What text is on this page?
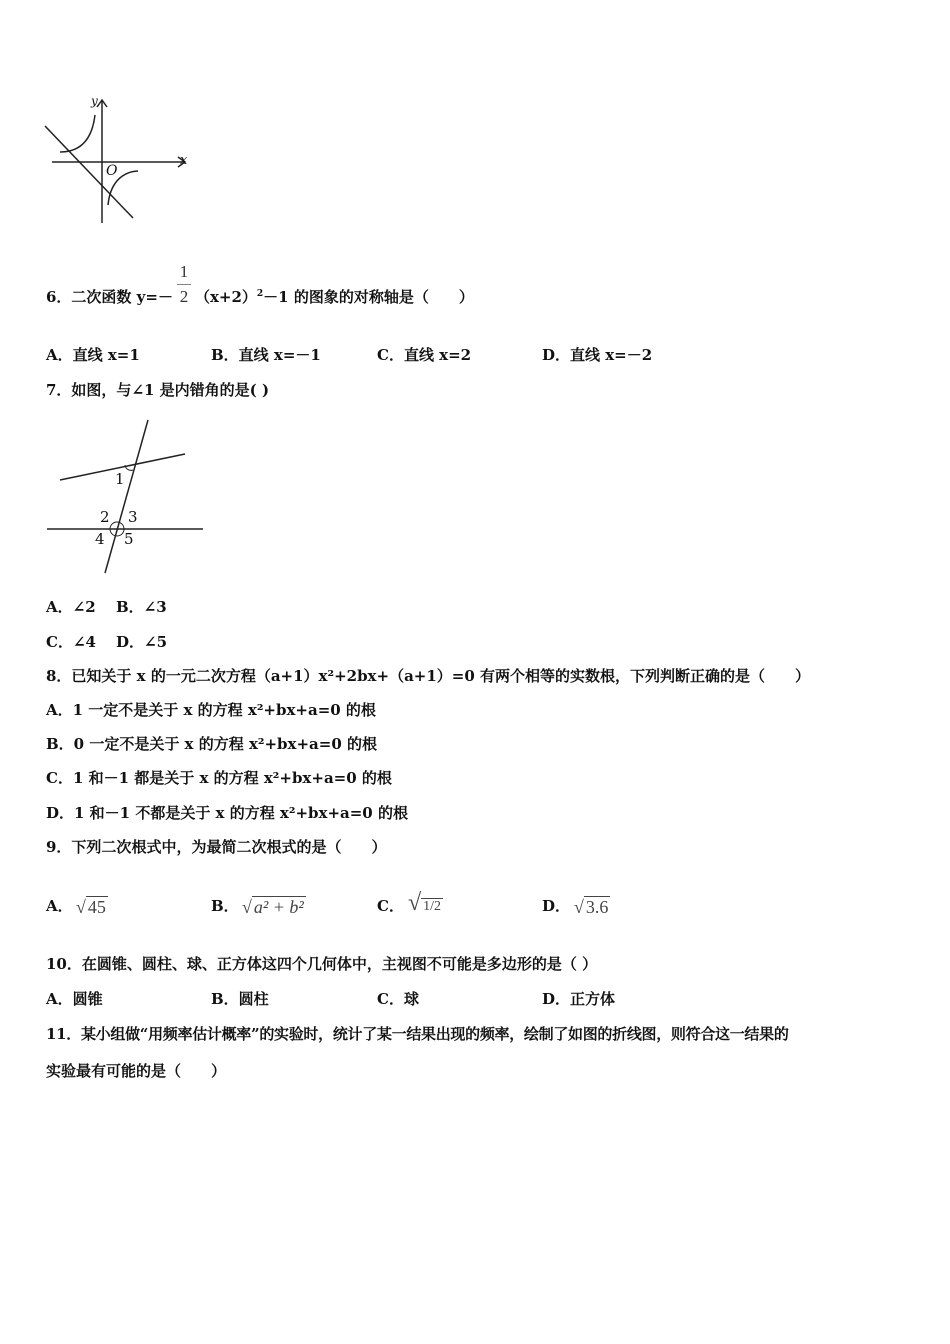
y
x
O
6．二次函数 $y=- (x+2)^2-1$ 的图象的对称轴是（　　）
1
2
A．直线 x=1	B．直线 x=－1	C．直线 x=2	D．直线 x=－2
7．如图，与∠1 是内错角的是( )
1
2 3
4 5
A．∠2 B．∠3
C．∠4 D．∠5
8．已知关于 x 的一元二次方程（a+1）x²+2bx+（a+1）=0 有两个相等的实数根，下列判断正确的是（　　）
A．1 一定不是关于 x 的方程 x²+bx+a=0 的根
B．0 一定不是关于 x 的方程 x²+bx+a=0 的根
C．1 和－1 都是关于 x 的方程 x²+bx+a=0 的根
D．1 和－1 不都是关于 x 的方程 x²+bx+a=0 的根
9．下列二次根式中，为最简二次根式的是（　　）
A． √ 45	B． √ a² + b²	C． √ 1/2	D． √ 3.6
10．在圆锥、圆柱、球、正方体这四个几何体中，主视图不可能是多边形的是（ ）
A．圆锥	B．圆柱	C．球	D．正方体
11．某小组做“用频率估计概率”的实验时，统计了某一结果出现的频率，绘制了如图的折线图，则符合这一结果的
实验最有可能的是（　　）
